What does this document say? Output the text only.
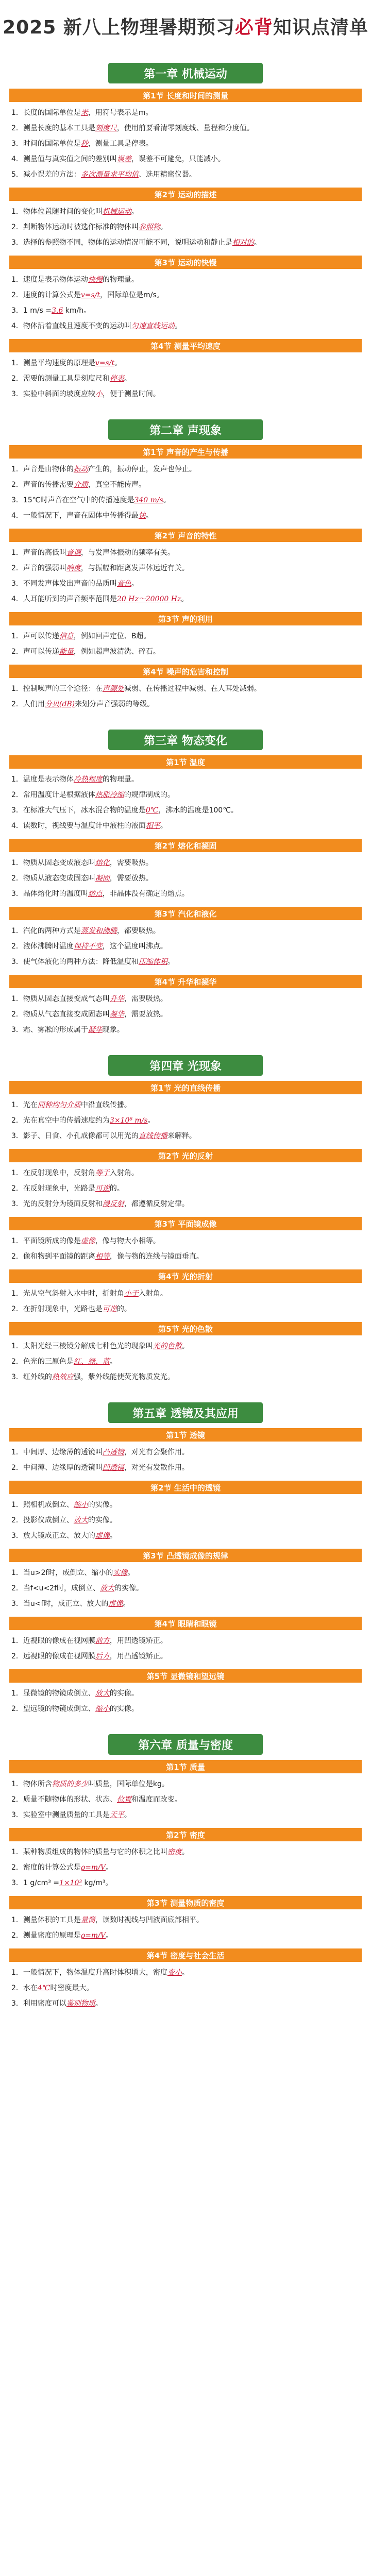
2025 新八上物理暑期预习必背知识点清单
第一章 机械运动
第1节 长度和时间的测量
1．长度的国际单位是米，用符号表示是m。
2．测量长度的基本工具是刻度尺，使用前要看清零刻度线、量程和分度值。
3．时间的国际单位是秒，测量工具是停表。
4．测量值与真实值之间的差别叫误差，误差不可避免，只能减小。
5．减小误差的方法：多次测量求平均值、选用精密仪器。
第2节 运动的描述
1．物体位置随时间的变化叫机械运动。
2．判断物体运动时被选作标准的物体叫参照物。
3．选择的参照物不同，物体的运动情况可能不同，说明运动和静止是相对的。
第3节 运动的快慢
1．速度是表示物体运动快慢的物理量。
2．速度的计算公式是v=s/t，国际单位是m/s。
3．1 m/s =3.6 km/h。
4．物体沿着直线且速度不变的运动叫匀速直线运动。
第4节 测量平均速度
1．测量平均速度的原理是v=s/t。
2．需要的测量工具是刻度尺和停表。
3．实验中斜面的坡度应较小，便于测量时间。
第二章 声现象
第1节 声音的产生与传播
1．声音是由物体的振动产生的，振动停止，发声也停止。
2．声音的传播需要介质，真空不能传声。
3．15℃时声音在空气中的传播速度是340 m/s。
4．一般情况下，声音在固体中传播得最快。
第2节 声音的特性
1．声音的高低叫音调，与发声体振动的频率有关。
2．声音的强弱叫响度，与振幅和距离发声体远近有关。
3．不同发声体发出声音的品质叫音色。
4．人耳能听到的声音频率范围是20 Hz～20000 Hz。
第3节 声的利用
1．声可以传递信息，例如回声定位、B超。
2．声可以传递能量，例如超声波清洗、碎石。
第4节 噪声的危害和控制
1．控制噪声的三个途径：在声源处减弱、在传播过程中减弱、在人耳处减弱。
2．人们用分贝(dB)来划分声音强弱的等级。
第三章 物态变化
第1节 温度
1．温度是表示物体冷热程度的物理量。
2．常用温度计是根据液体热胀冷缩的规律制成的。
3．在标准大气压下，冰水混合物的温度是0℃，沸水的温度是100℃。
4．读数时，视线要与温度计中液柱的液面相平。
第2节 熔化和凝固
1．物质从固态变成液态叫熔化，需要吸热。
2．物质从液态变成固态叫凝固，需要放热。
3．晶体熔化时的温度叫熔点，非晶体没有确定的熔点。
第3节 汽化和液化
1．汽化的两种方式是蒸发和沸腾，都要吸热。
2．液体沸腾时温度保持不变，这个温度叫沸点。
3．使气体液化的两种方法：降低温度和压缩体积。
第4节 升华和凝华
1．物质从固态直接变成气态叫升华，需要吸热。
2．物质从气态直接变成固态叫凝华，需要放热。
3．霜、雾凇的形成属于凝华现象。
第四章 光现象
第1节 光的直线传播
1．光在同种均匀介质中沿直线传播。
2．光在真空中的传播速度约为3×10⁸ m/s。
3．影子、日食、小孔成像都可以用光的直线传播来解释。
第2节 光的反射
1．在反射现象中，反射角等于入射角。
2．在反射现象中，光路是可逆的。
3．光的反射分为镜面反射和漫反射，都遵循反射定律。
第3节 平面镜成像
1．平面镜所成的像是虚像，像与物大小相等。
2．像和物到平面镜的距离相等，像与物的连线与镜面垂直。
第4节 光的折射
1．光从空气斜射入水中时，折射角小于入射角。
2．在折射现象中，光路也是可逆的。
第5节 光的色散
1．太阳光经三棱镜分解成七种色光的现象叫光的色散。
2．色光的三原色是红、绿、蓝。
3．红外线的热效应强，紫外线能使荧光物质发光。
第五章 透镜及其应用
第1节 透镜
1．中间厚、边缘薄的透镜叫凸透镜，对光有会聚作用。
2．中间薄、边缘厚的透镜叫凹透镜，对光有发散作用。
第2节 生活中的透镜
1．照相机成倒立、缩小的实像。
2．投影仪成倒立、放大的实像。
3．放大镜成正立、放大的虚像。
第3节 凸透镜成像的规律
1．当u>2f时，成倒立、缩小的实像。
2．当f<u<2f时，成倒立、放大的实像。
3．当u<f时，成正立、放大的虚像。
第4节 眼睛和眼镜
1．近视眼的像成在视网膜前方，用凹透镜矫正。
2．远视眼的像成在视网膜后方，用凸透镜矫正。
第5节 显微镜和望远镜
1．显微镜的物镜成倒立、放大的实像。
2．望远镜的物镜成倒立、缩小的实像。
第六章 质量与密度
第1节 质量
1．物体所含物质的多少叫质量，国际单位是kg。
2．质量不随物体的形状、状态、位置和温度而改变。
3．实验室中测量质量的工具是天平。
第2节 密度
1．某种物质组成的物体的质量与它的体积之比叫密度。
2．密度的计算公式是ρ=m/V。
3．1 g/cm³ =1×10³ kg/m³。
第3节 测量物质的密度
1．测量体积的工具是量筒，读数时视线与凹液面底部相平。
2．测量密度的原理是ρ=m/V。
第4节 密度与社会生活
1．一般情况下，物体温度升高时体积增大，密度变小。
2．水在4℃时密度最大。
3．利用密度可以鉴别物质。
